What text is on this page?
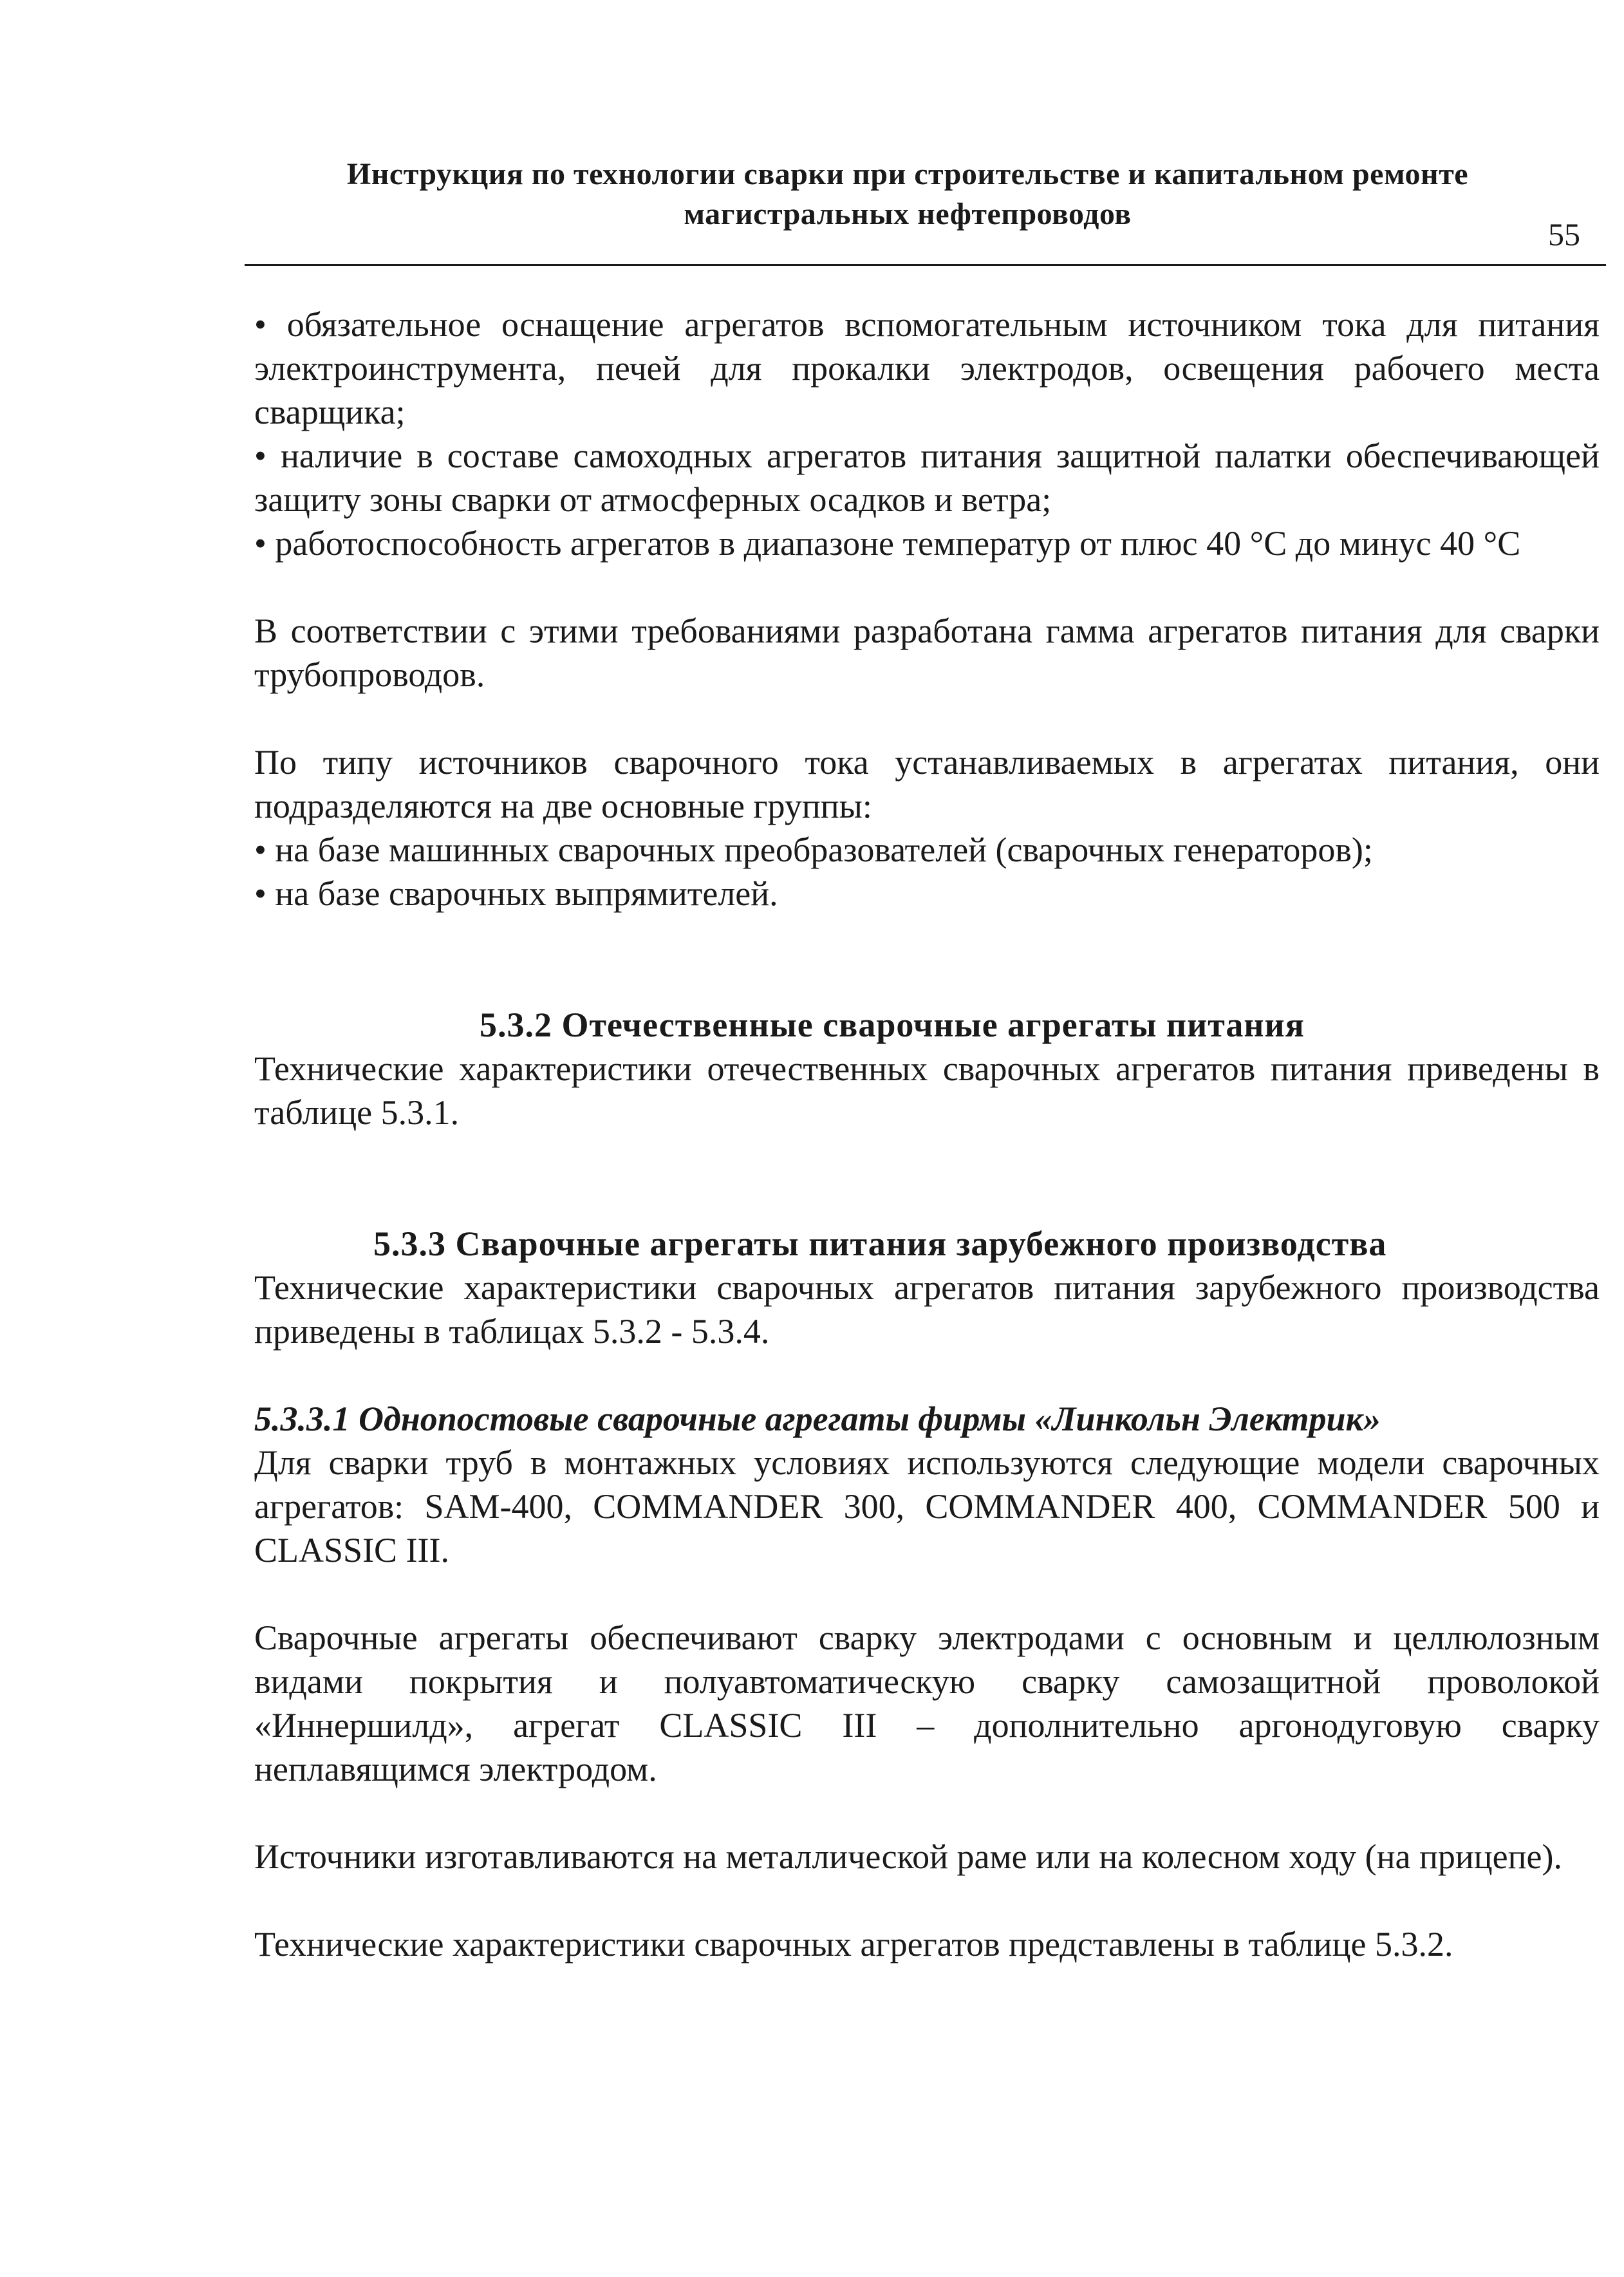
Инструкция по технологии сварки при строительстве и капитальном ремонте
магистральных нефтепроводов
55

• обязательное оснащение агрегатов вспомогательным источником тока для питания электроинструмента, печей для прокалки электродов, освещения рабочего места сварщика;

• наличие в составе самоходных агрегатов питания защитной палатки обеспечивающей защиту зоны сварки от атмосферных осадков и ветра;

• работоспособность агрегатов в диапазоне температур от плюс 40 °С до минус 40 °С

В соответствии с этими требованиями разработана гамма агрегатов питания для сварки трубопроводов.

По типу источников сварочного тока устанавливаемых в агрегатах питания, они подразделяются на две основные группы:

• на базе машинных сварочных преобразователей (сварочных генераторов);

• на базе сварочных выпрямителей.

5.3.2 Отечественные сварочные агрегаты питания

Технические характеристики отечественных сварочных агрегатов питания приведены в таблице 5.3.1.

5.3.3 Сварочные агрегаты питания зарубежного производства

Технические характеристики сварочных агрегатов питания зарубежного производства приведены в таблицах 5.3.2 - 5.3.4.

5.3.3.1 Однопостовые сварочные агрегаты фирмы «Линкольн Электрик»

Для сварки труб в монтажных условиях используются следующие модели сварочных агрегатов: SAM-400, COMMANDER 300, COMMANDER 400, COMMANDER 500 и CLASSIC III.

Сварочные агрегаты обеспечивают сварку электродами с основным и целлюлозным видами покрытия и полуавтоматическую сварку самозащитной проволокой «Иннершилд», агрегат CLASSIC III – дополнительно аргонодуговую сварку неплавящимся электродом.

Источники изготавливаются на металлической раме или на колесном ходу (на прицепе).

Технические характеристики сварочных агрегатов представлены в таблице 5.3.2.
